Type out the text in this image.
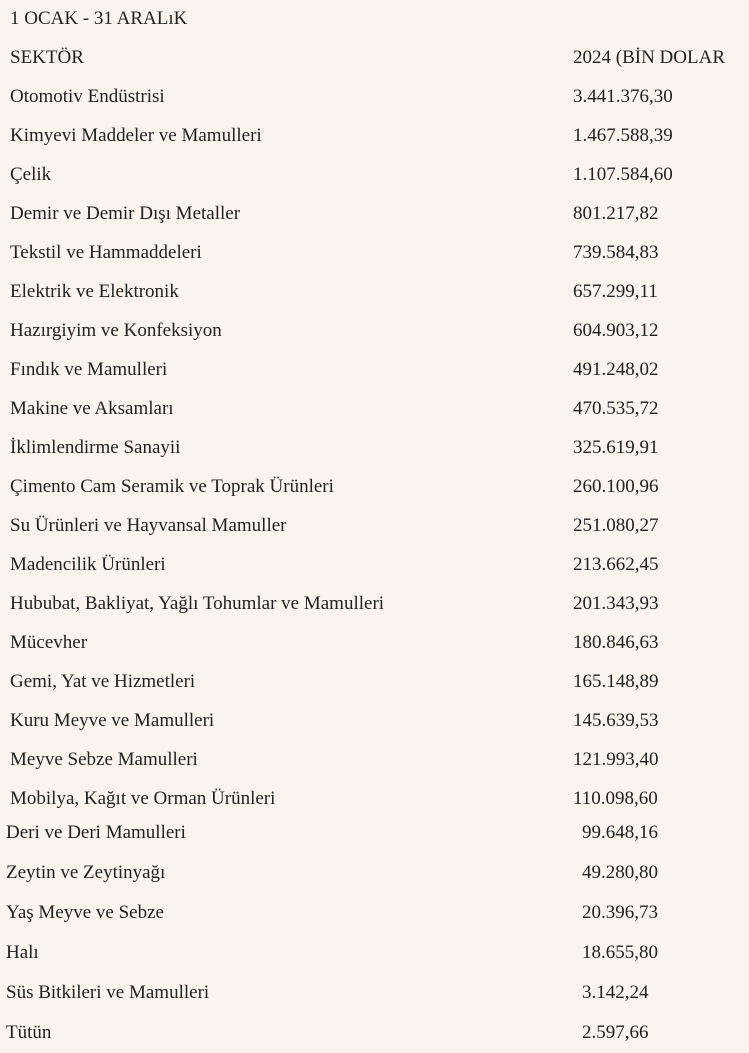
1 OCAK - 31 ARALıK
SEKTÖR	2024 (BİN DOLAR
Otomotiv Endüstrisi	3.441.376,30
Kimyevi Maddeler ve Mamulleri	1.467.588,39
Çelik	1.107.584,60
Demir ve Demir Dışı Metaller	801.217,82
Tekstil ve Hammaddeleri	739.584,83
Elektrik ve Elektronik	657.299,11
Hazırgiyim ve Konfeksiyon	604.903,12
Fındık ve Mamulleri	491.248,02
Makine ve Aksamları	470.535,72
İklimlendirme Sanayii	325.619,91
Çimento Cam Seramik ve Toprak Ürünleri	260.100,96
Su Ürünleri ve Hayvansal Mamuller	251.080,27
Madencilik Ürünleri	213.662,45
Hububat, Bakliyat, Yağlı Tohumlar ve Mamulleri	201.343,93
Mücevher	180.846,63
Gemi, Yat ve Hizmetleri	165.148,89
Kuru Meyve ve Mamulleri	145.639,53
Meyve Sebze Mamulleri	121.993,40
Mobilya, Kağıt ve Orman Ürünleri	110.098,60
Deri ve Deri Mamulleri	99.648,16
Zeytin ve Zeytinyağı	49.280,80
Yaş Meyve ve Sebze	20.396,73
Halı	18.655,80
Süs Bitkileri ve Mamulleri	3.142,24
Tütün	2.597,66
